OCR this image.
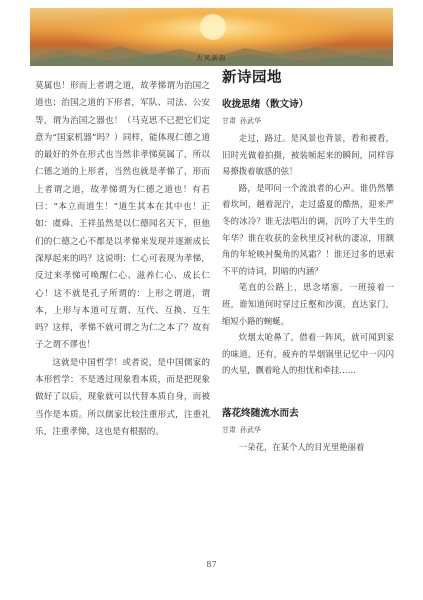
古风新韵

莫属也！形而上者谓之道，故孝悌谓为治国之道也；治国之道的下形者，军队、司法、公安等，谓为治国之器也！（马克思不已把它们定意为“国家机器”吗？）同样，能体现仁德之道的最好的外在形式也当然非孝悌莫属了，所以仁德之道的上形者，当然也就是孝悌了，形而上者谓之道，故孝悌谓为仁德之道也！有若曰：“本立而道生！”道生其本在其中也！正如：虞舜、王祥虽然是以仁德闻名天下，但他们的仁德之心不都是以孝悌来发现并逐渐成长深厚起来的吗？这说明：仁心可表现为孝悌，反过来孝悌可唤醒仁心、滋养仁心、成长仁心！这不就是孔子所谓的：上形之谓道，谓本，上形与本道可互谓、互代、互换、互生吗？这样，孝悌不就可谓之为仁之本了？故有子之谓不谬也！

这就是中国哲学！或者说，是中国儒家的本形哲学：不是透过现象看本质，而是把现象做好了以后，现象就可以代替本质自身，而被当作是本质。所以儒家比较注重形式，注重礼乐，注重孝悌，这也是有根据的。

新诗园地
收拢思绪（散文诗）
甘肃 孙武华

走过，路过。是风景也背景，看和被看，旧时光做着拍摄，被装帧起来的瞬间，同样容易撩拨着敏感的弦！

路，是叩问一个流浪者的心声。谁仍然攀着坎坷，趟着泥泞，走过盛夏的酷热，迎来严冬的冰冷？谁无法唱出的调，沉吟了大半生的年华？谁在收获的金秋里反衬秋的凄凉，用额角的年轮映衬鬓角的风霜？！谁还过多的思索不平的诗词，阴暗的内涵？

笔直的公路上，思念堵塞，一班接着一班，谁知道何时穿过丘壑和沙漠，直达家门，缩短小路的蜿蜒。

炊烟太呛鼻了，借着一阵风，就可闻到家的味道，还有，疲弃的旱烟锅里记忆中一闪闪的火星，飘着呛人的担忧和牵挂……

落花终随流水而去
甘肃 孙武华

一朵花，在某个人的目光里艳丽着

87
